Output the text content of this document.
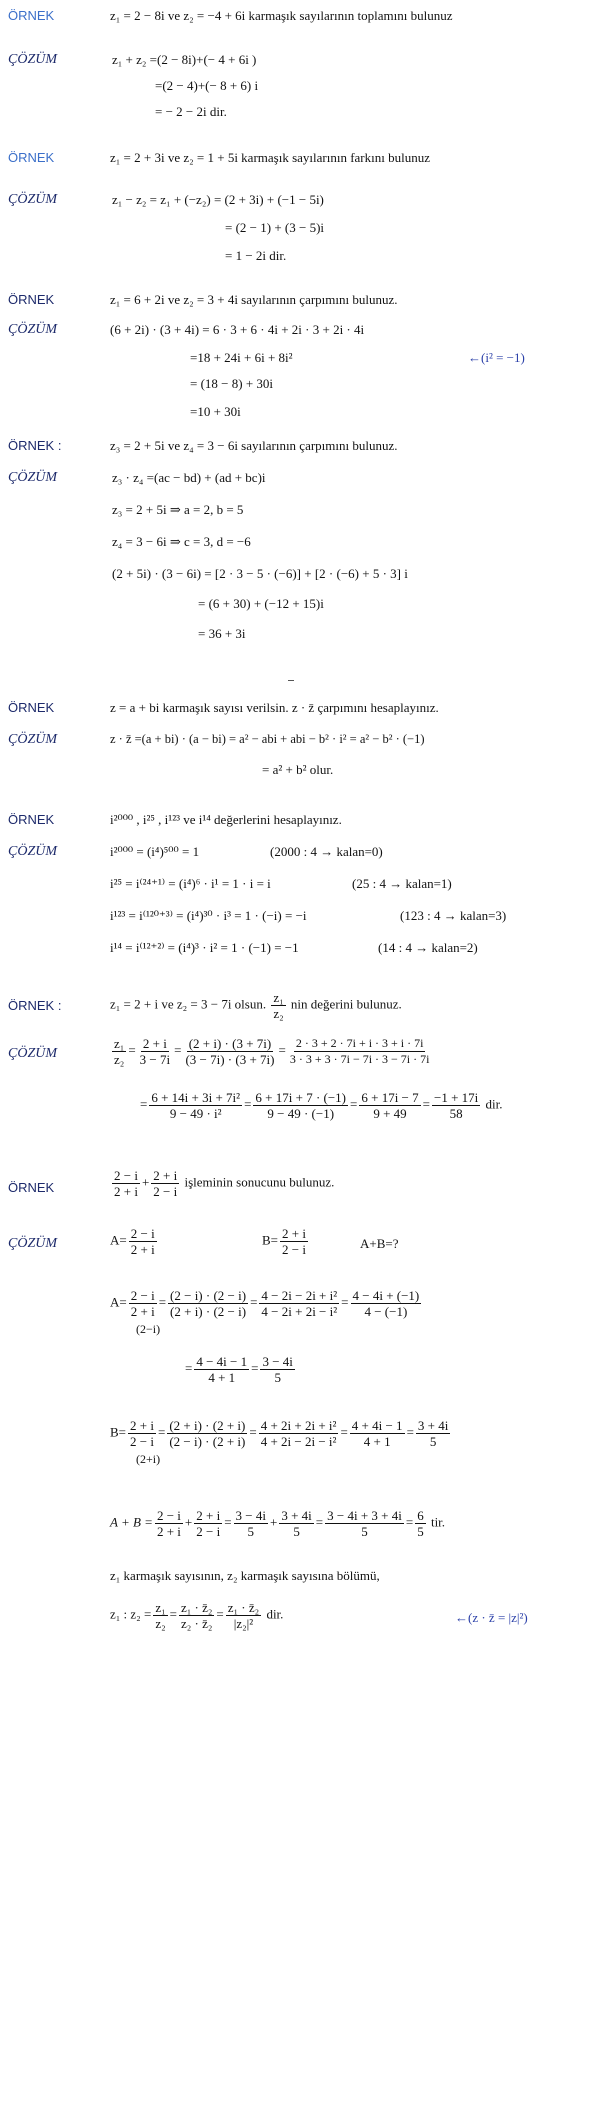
ÖRNEK	z₁ = 2 − 8i ve z₂ = −4 + 6i karmaşık sayılarının toplamını bulunuz
ÇÖZÜM	z₁ + z₂ =(2 − 8i)+(− 4 + 6i )
=(2 − 4)+(− 8 + 6) i
= − 2 − 2i dir.
ÖRNEK	z₁ = 2 + 3i ve z₂ = 1 + 5i karmaşık sayılarının farkını bulunuz
ÇÖZÜM	z₁ − z₂ = z₁ + (−z₂) = (2 + 3i) + (−1 − 5i)
= (2 − 1) + (3 − 5)i
= 1 − 2i dir.
ÖRNEK	z₁ = 6 + 2i ve z₂ = 3 + 4i sayılarının çarpımını bulunuz.
ÇÖZÜM	(6 + 2i) · (3 + 4i) = 6 · 3 + 6 · 4i + 2i · 3 + 2i · 4i
=18 + 24i + 6i + 8i²	←(i² = −1)
= (18 − 8) + 30i
=10 + 30i
ÖRNEK :	z₃ = 2 + 5i ve z₄ = 3 − 6i sayılarının çarpımını bulunuz.
ÇÖZÜM	z₃ · z₄ =(ac − bd) + (ad + bc)i
z₃ = 2 + 5i ⇒ a = 2, b = 5
z₄ = 3 − 6i ⇒ c = 3, d = −6
(2 + 5i) · (3 − 6i) = [2 · 3 − 5 · (−6)] + [2 · (−6) + 5 · 3] i
= (6 + 30) + (−12 + 15)i
= 36 + 3i
ÖRNEK	z = a + bi karmaşık sayısı verilsin. z · z̄ çarpımını hesaplayınız.
ÇÖZÜM	z · z̄ =(a + bi) · (a − bi) = a² − abi + abi − b² · i² = a² − b² · (−1)
= a² + b² olur.
ÖRNEK	i²⁰⁰⁰ , i²⁵ , i¹²³ ve i¹⁴ değerlerini hesaplayınız.
ÇÖZÜM	i²⁰⁰⁰ = (i⁴)⁵⁰⁰ = 1	(2000 : 4 → kalan=0)
i²⁵ = i⁽²⁴⁺¹⁾ = (i⁴)⁶ · i¹ = 1 · i = i	(25 : 4 → kalan=1)
i¹²³ = i⁽¹²⁰⁺³⁾ = (i⁴)³⁰ · i³ = 1 · (−i) = −i	(123 : 4 → kalan=3)
i¹⁴ = i⁽¹²⁺²⁾ = (i⁴)³ · i² = 1 · (−1) = −1	(14 : 4 → kalan=2)
ÖRNEK :	z₁ = 2 + i ve z₂ = 3 − 7i olsun. $\frac{\text{z₁}}{\text{z₂}}$ nin değerini bulunuz.
ÇÖZÜM	$\frac{\text{z₁}}{\text{z₂}} = \frac{2 + i}{3 - 7i} = \frac{(2 + i) \cdot (3 + 7i)}{(3 - 7i) \cdot (3 + 7i)} = \frac{2 \cdot 3 + 2 \cdot 7i + i \cdot 3 + i \cdot 7i}{3 \cdot 3 + 3 \cdot 7i - 7i \cdot 3 - 7i \cdot 7i}$
= $\frac{\text{6 + 14i + 3i + 7i²}}{\text{9 − 49 · i²}} = \frac{6 + 17i + 7 \cdot (-1)}{9 - 49 \cdot (-1)} = \frac{6 + 17i - 7}{9 + 49} = \frac{-1 + 17i}{58}$ dir.
ÖRNEK	$\frac{2 - i}{2 + i} + \frac{2 + i}{2 - i}$ işleminin sonucunu bulunuz.
ÇÖZÜM	$A= \frac{2 - i}{2 + i}$	$B= \frac{2 + i}{2 - i}$	A+B=?
$A= \frac{2 - i}{2 + i} = \frac{(2 - i) \cdot (2 - i)}{(2 + i) \cdot (2 - i)} = \frac{\text{4 − 2i − 2i + i²}}{\text{4 − 2i + 2i − i²}} = \frac{4 - 4i + (-1)}{4 - (-1)}$
(2−i)
= $\frac{4 - 4i - 1}{4 + 1} = \frac{3 - 4i}{5}$
$B= \frac{2 + i}{2 - i} = \frac{(2 + i) \cdot (2 + i)}{(2 - i) \cdot (2 + i)} = \frac{\text{4 + 2i + 2i + i²}}{\text{4 + 2i − 2i − i²}} = \frac{4 + 4i - 1}{4 + 1} = \frac{3 + 4i}{5}$
(2+i)
$A + B = \frac{2 - i}{2 + i} + \frac{2 + i}{2 - i} = \frac{3 - 4i}{5} + \frac{3 + 4i}{5} = \frac{3 - 4i + 3 + 4i}{5} = \frac{6}{5}$ tir.
z₁ karmaşık sayısının, z₂ karmaşık sayısına bölümü,
z₁ : $z_2 = \frac{\text{z₁}}{\text{z₂}} = \frac{\text{z₁ · z̄₂}}{\text{z₂ · z̄₂}} = \frac{\text{z₁ · z̄₂}}{\text{|z₂|²}}$ dir.	←(z · z̄ = |z|²)
